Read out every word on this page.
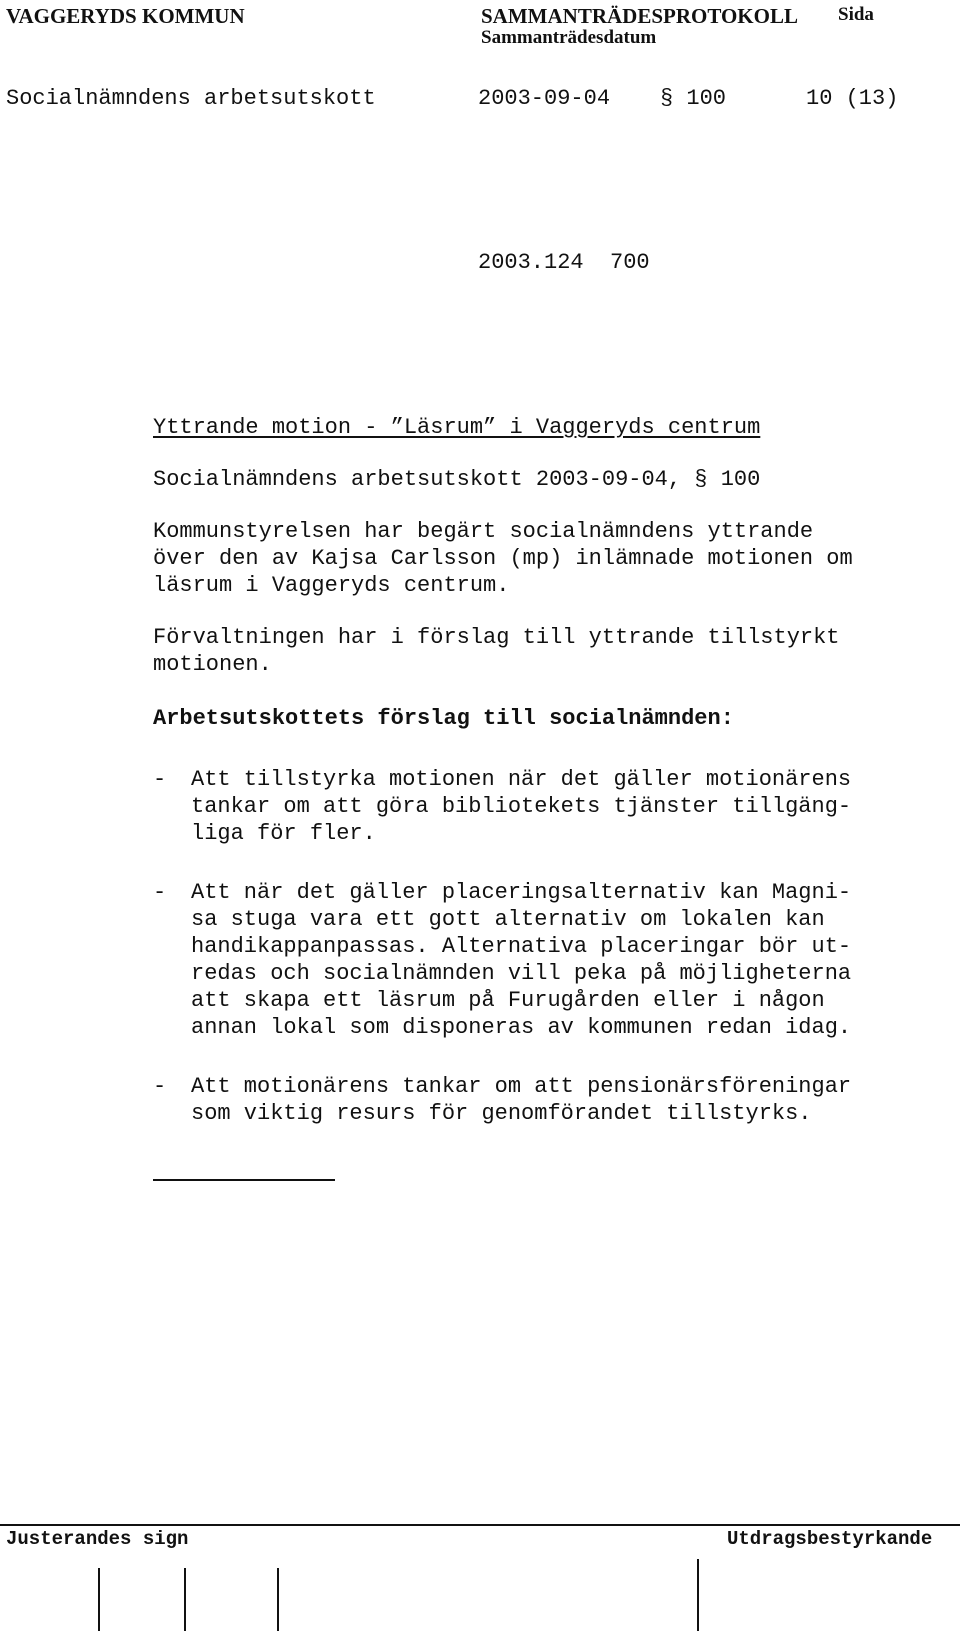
VAGGERYDS KOMMUN	SAMMANTRÄDESPROTOKOLL
Sammanträdesdatum
Sida
Socialnämndens arbetsutskott	2003-09-04 § 100	10 (13)
2003.124  700
Yttrande motion - ”Läsrum” i Vaggeryds centrum
Socialnämndens arbetsutskott 2003-09-04, § 100
Kommunstyrelsen har begärt socialnämndens yttrande
över den av Kajsa Carlsson (mp) inlämnade motionen om
läsrum i Vaggeryds centrum.
Förvaltningen har i förslag till yttrande tillstyrkt
motionen.
Arbetsutskottets förslag till socialnämnden:
- Att tillstyrka motionen när det gäller motionärens
tankar om att göra bibliotekets tjänster tillgäng-
liga för fler.
- Att när det gäller placeringsalternativ kan Magni-
sa stuga vara ett gott alternativ om lokalen kan
handikappanpassas. Alternativa placeringar bör ut-
redas och socialnämnden vill peka på möjligheterna
att skapa ett läsrum på Furugården eller i någon
annan lokal som disponeras av kommunen redan idag.
- Att motionärens tankar om att pensionärsföreningar
som viktig resurs för genomförandet tillstyrks.
Justerandes sign	Utdragsbestyrkande
